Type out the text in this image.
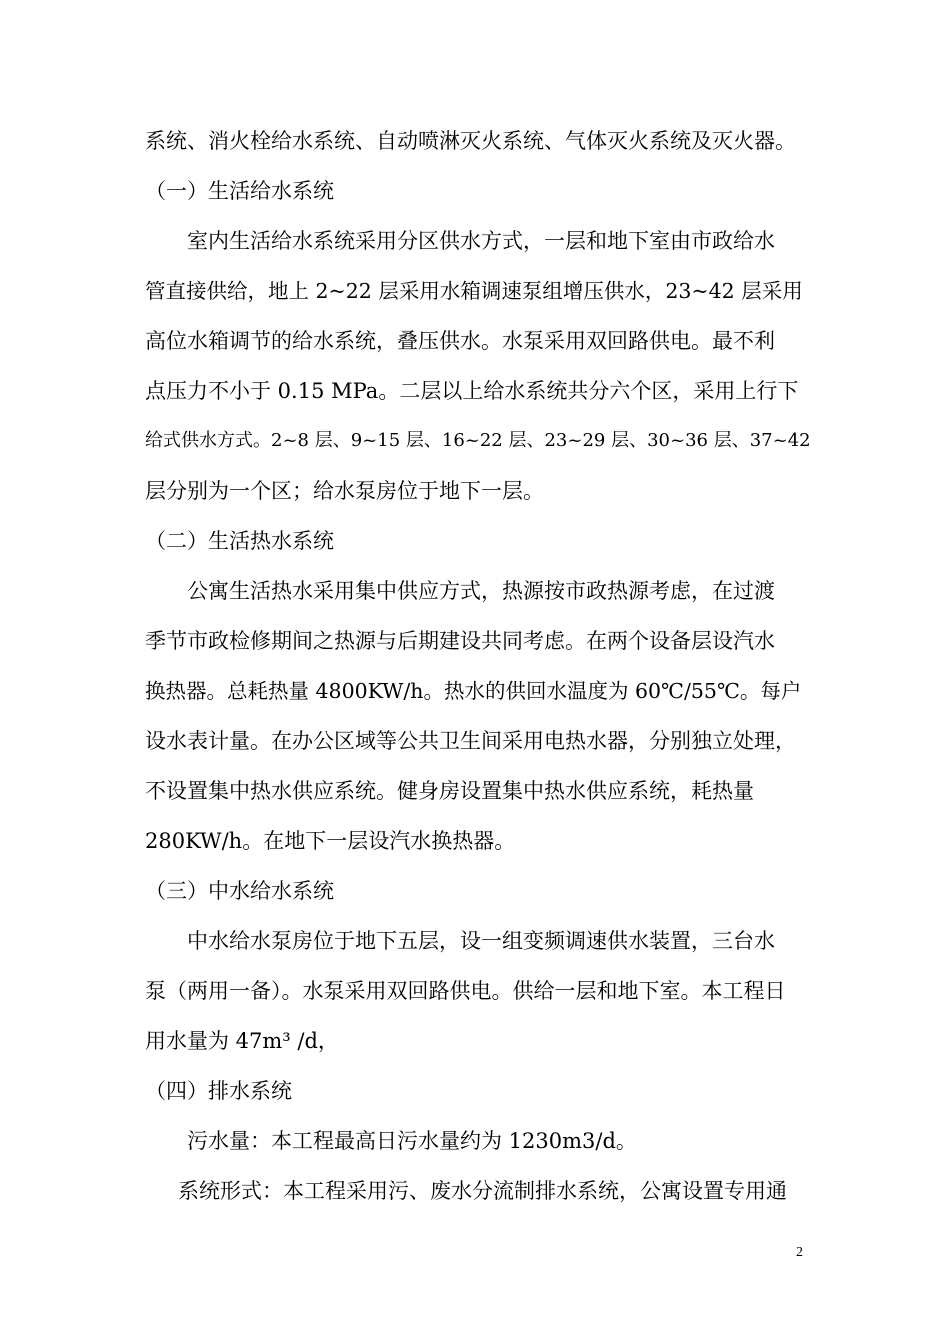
系统、消火栓给水系统、自动喷淋灭火系统、气体灭火系统及灭火器。
（一）生活给水系统
室内生活给水系统采用分区供水方式，一层和地下室由市政给水
管直接供给，地上 2~22 层采用水箱调速泵组增压供水，23~42 层采用
高位水箱调节的给水系统，叠压供水。水泵采用双回路供电。最不利
点压力不小于 0.15 MPa。二层以上给水系统共分六个区，采用上行下
给式供水方式。2~8 层、9~15 层、16~22 层、23~29 层、30~36 层、37~42
层分别为一个区；给水泵房位于地下一层。
（二）生活热水系统
公寓生活热水采用集中供应方式，热源按市政热源考虑，在过渡
季节市政检修期间之热源与后期建设共同考虑。在两个设备层设汽水
换热器。总耗热量 4800KW/h。热水的供回水温度为 60℃/55℃。每户
设水表计量。在办公区域等公共卫生间采用电热水器，分别独立处理，
不设置集中热水供应系统。健身房设置集中热水供应系统，耗热量
280KW/h。在地下一层设汽水换热器。
（三）中水给水系统
中水给水泵房位于地下五层，设一组变频调速供水装置，三台水
泵（两用一备）。水泵采用双回路供电。供给一层和地下室。本工程日
用水量为 47m³ /d，
（四）排水系统
污水量：本工程最高日污水量约为 1230m3/d。
系统形式：本工程采用污、废水分流制排水系统，公寓设置专用通
2
